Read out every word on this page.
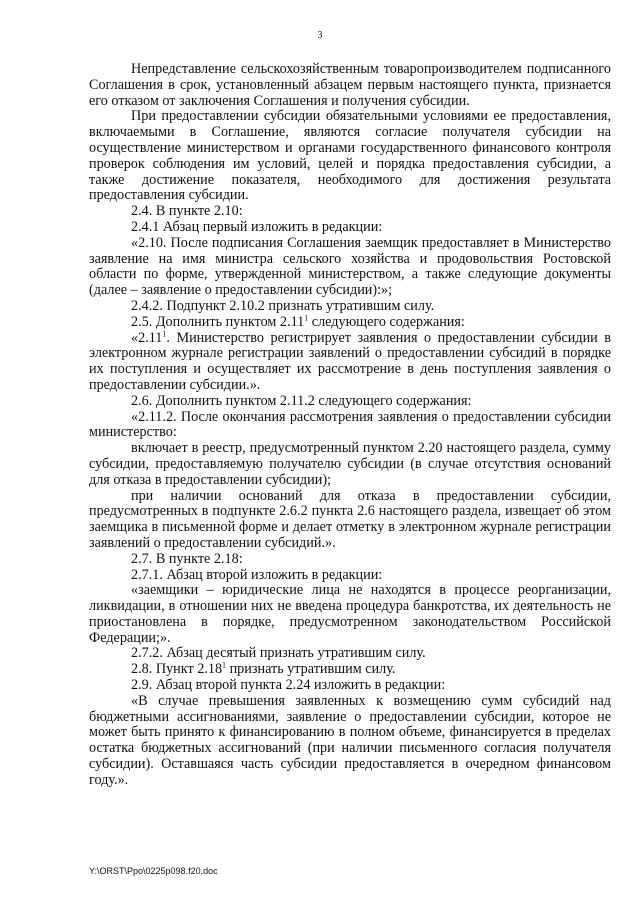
3

Непредставление сельскохозяйственным товаропроизводителем подписанного Соглашения в срок, установленный абзацем первым настоящего пункта, признается его отказом от заключения Соглашения и получения субсидии.

При предоставлении субсидии обязательными условиями ее предоставления, включаемыми в Соглашение, являются согласие получателя субсидии на осуществление министерством и органами государственного финансового контроля проверок соблюдения им условий, целей и порядка предоставления субсидии, а также достижение показателя, необходимого для достижения результата предоставления субсидии.

2.4. В пункте 2.10:

2.4.1 Абзац первый изложить в редакции:

«2.10. После подписания Соглашения заемщик предоставляет в Министерство заявление на имя министра сельского хозяйства и продовольствия Ростовской области по форме, утвержденной министерством, а также следующие документы (далее – заявление о предоставлении субсидии):»;

2.4.2. Подпункт 2.10.2 признать утратившим силу.

2.5. Дополнить пунктом 2.11$^1$ следующего содержания:

«2.11$^1$. Министерство регистрирует заявления о предоставлении субсидии в электронном журнале регистрации заявлений о предоставлении субсидий в порядке их поступления и осуществляет их рассмотрение в день поступления заявления о предоставлении субсидии.».

2.6. Дополнить пунктом 2.11.2 следующего содержания:

«2.11.2. После окончания рассмотрения заявления о предоставлении субсидии министерство:

включает в реестр, предусмотренный пунктом 2.20 настоящего раздела, сумму субсидии, предоставляемую получателю субсидии (в случае отсутствия оснований для отказа в предоставлении субсидии);

при наличии оснований для отказа в предоставлении субсидии, предусмотренных в подпункте 2.6.2 пункта 2.6 настоящего раздела, извещает об этом заемщика в письменной форме и делает отметку в электронном журнале регистрации заявлений о предоставлении субсидий.».

2.7. В пункте 2.18:

2.7.1. Абзац второй изложить в редакции:

«заемщики – юридические лица не находятся в процессе реорганизации, ликвидации, в отношении них не введена процедура банкротства, их деятельность не приостановлена в порядке, предусмотренном законодательством Российской Федерации;».

2.7.2. Абзац десятый признать утратившим силу.

2.8. Пункт 2.18$^1$ признать утратившим силу.

2.9. Абзац второй пункта 2.24 изложить в редакции:

«В случае превышения заявленных к возмещению сумм субсидий над бюджетными ассигнованиями, заявление о предоставлении субсидии, которое не может быть принято к финансированию в полном объеме, финансируется в пределах остатка бюджетных ассигнований (при наличии письменного согласия получателя субсидии). Оставшаяся часть субсидии предоставляется в очередном финансовом году.».

Y:\ORST\Ppo\0225p098.f20.doc
